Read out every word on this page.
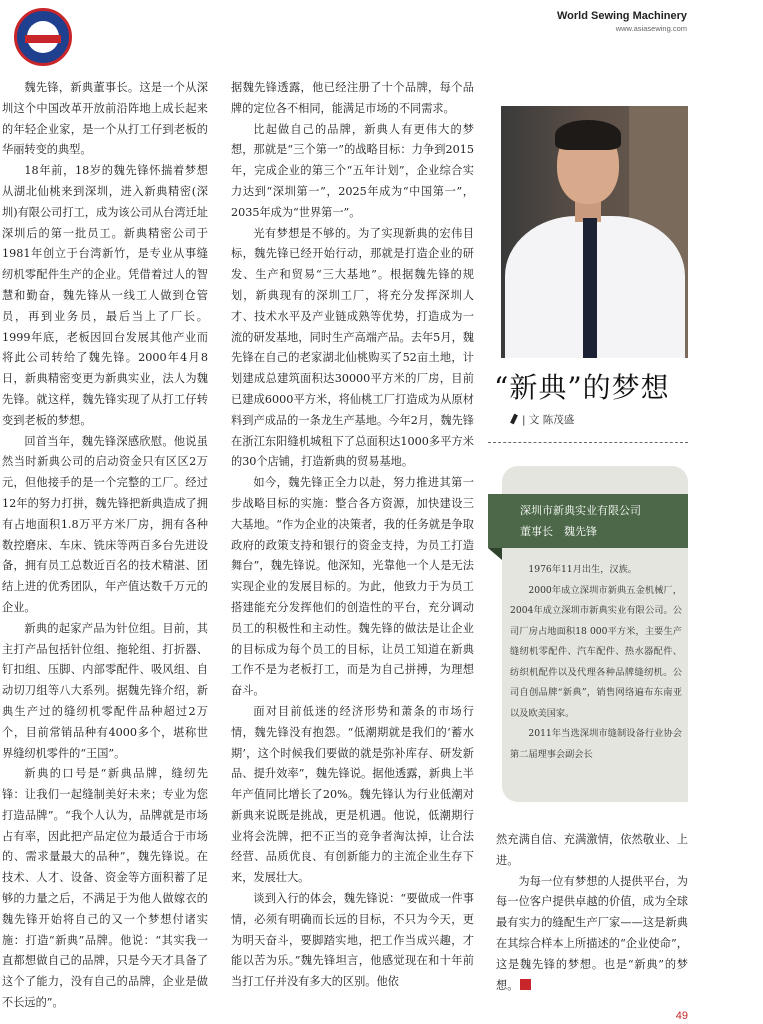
World Sewing Machinery
www.asiasewing.com

魏先锋，新典董事长。这是一个从深圳这个中国改革开放前沿阵地上成长起来的年轻企业家，是一个从打工仔到老板的华丽转变的典型。

18年前，18岁的魏先锋怀揣着梦想从湖北仙桃来到深圳，进入新典精密(深圳)有限公司打工，成为该公司从台湾迁址深圳后的第一批员工。新典精密公司于1981年创立于台湾新竹，是专业从事缝纫机零配件生产的企业。凭借着过人的智慧和勤奋，魏先锋从一线工人做到仓管员，再到业务员，最后当上了厂长。1999年底，老板因回台发展其他产业而将此公司转给了魏先锋。2000年4月8日，新典精密变更为新典实业，法人为魏先锋。就这样，魏先锋实现了从打工仔转变到老板的梦想。

回首当年，魏先锋深感欣慰。他说虽然当时新典公司的启动资金只有区区2万元，但他接手的是一个完整的工厂。经过12年的努力打拼，魏先锋把新典造成了拥有占地面积1.8万平方米厂房，拥有各种数控磨床、车床、铣床等两百多台先进设备，拥有员工总数近百名的技术精湛、团结上进的优秀团队，年产值达数千万元的企业。

新典的起家产品为针位组。目前，其主打产品包括针位组、拖轮组、打折器、钉扣组、压脚、内部零配件、吸风组、自动切刀组等八大系列。据魏先锋介绍，新典生产过的缝纫机零配件品种超过2万个，目前常销品种有4000多个，堪称世界缝纫机零件的“王国”。

新典的口号是“新典品牌，缝纫先锋：让我们一起缝制美好未来；专业为您打造品牌”。“我个人认为，品牌就是市场占有率，因此把产品定位为最适合于市场的、需求量最大的品种”，魏先锋说。在技术、人才、设备、资金等方面积蓄了足够的力量之后，不满足于为他人做嫁衣的魏先锋开始将自己的又一个梦想付诸实施：打造“新典”品牌。他说：“其实我一直都想做自己的品牌，只是今天才具备了这个了能力，没有自己的品牌，企业是做不长远的”。

据魏先锋透露，他已经注册了十个品牌，每个品牌的定位各不相同，能满足市场的不同需求。

比起做自己的品牌，新典人有更伟大的梦想，那就是“三个第一”的战略目标：力争到2015年，完成企业的第三个“五年计划”，企业综合实力达到“深圳第一”，2025年成为“中国第一”，2035年成为“世界第一”。

光有梦想是不够的。为了实现新典的宏伟目标，魏先锋已经开始行动，那就是打造企业的研发、生产和贸易“三大基地”。根据魏先锋的规划，新典现有的深圳工厂，将充分发挥深圳人才、技术水平及产业链成熟等优势，打造成为一流的研发基地，同时生产高端产品。去年5月，魏先锋在自己的老家湖北仙桃购买了52亩土地，计划建成总建筑面积达30000平方米的厂房，目前已建成6000平方米，将仙桃工厂打造成为从原材料到产成品的一条龙生产基地。今年2月，魏先锋在浙江东阳缝机城租下了总面积达1000多平方米的30个店铺，打造新典的贸易基地。

如今，魏先锋正全力以赴，努力推进其第一步战略目标的实施：整合各方资源，加快建设三大基地。“作为企业的决策者，我的任务就是争取政府的政策支持和银行的资金支持，为员工打造舞台”，魏先锋说。他深知，光靠他一个人是无法实现企业的发展目标的。为此，他致力于为员工搭建能充分发挥他们的创造性的平台，充分调动员工的积极性和主动性。魏先锋的做法是让企业的目标成为每个员工的目标，让员工知道在新典工作不是为老板打工，而是为自己拼搏，为理想奋斗。

面对目前低迷的经济形势和萧条的市场行情，魏先锋没有抱怨。“低潮期就是我们的‘蓄水期’，这个时候我们要做的就是弥补库存、研发新品、提升效率”，魏先锋说。据他透露，新典上半年产值同比增长了20%。魏先锋认为行业低潮对新典来说既是挑战，更是机遇。他说，低潮期行业将会洗牌，把不正当的竞争者淘汰掉，让合法经营、品质优良、有创新能力的主流企业生存下来，发展壮大。

谈到入行的体会，魏先锋说：“要做成一件事情，必须有明确而长远的目标，不只为今天，更为明天奋斗，要脚踏实地，把工作当成兴趣，才能以苦为乐。”魏先锋坦言，他感觉现在和十年前当打工仔并没有多大的区别。他依

“新典”的梦想
| 文 陈茂盛
深圳市新典实业有限公司
董事长　魏先锋

1976年11月出生，汉族。

2000年成立深圳市新典五金机械厂，2004年成立深圳市新典实业有限公司。公司厂房占地面积18 000平方米，主要生产缝纫机零配件、汽车配件、热水器配件、纺织机配件以及代理各种品牌缝纫机。公司自创品牌“新典”，销售网络遍布东南亚以及欧美国家。

2011年当选深圳市缝制设备行业协会第二届理事会副会长

然充满自信、充满激情，依然敬业、上进。

为每一位有梦想的人提供平台，为每一位客户提供卓越的价值，成为全球最有实力的缝配生产厂家——这是新典在其综合样本上所描述的“企业使命”，这是魏先锋的梦想。也是“新典”的梦想。

49
